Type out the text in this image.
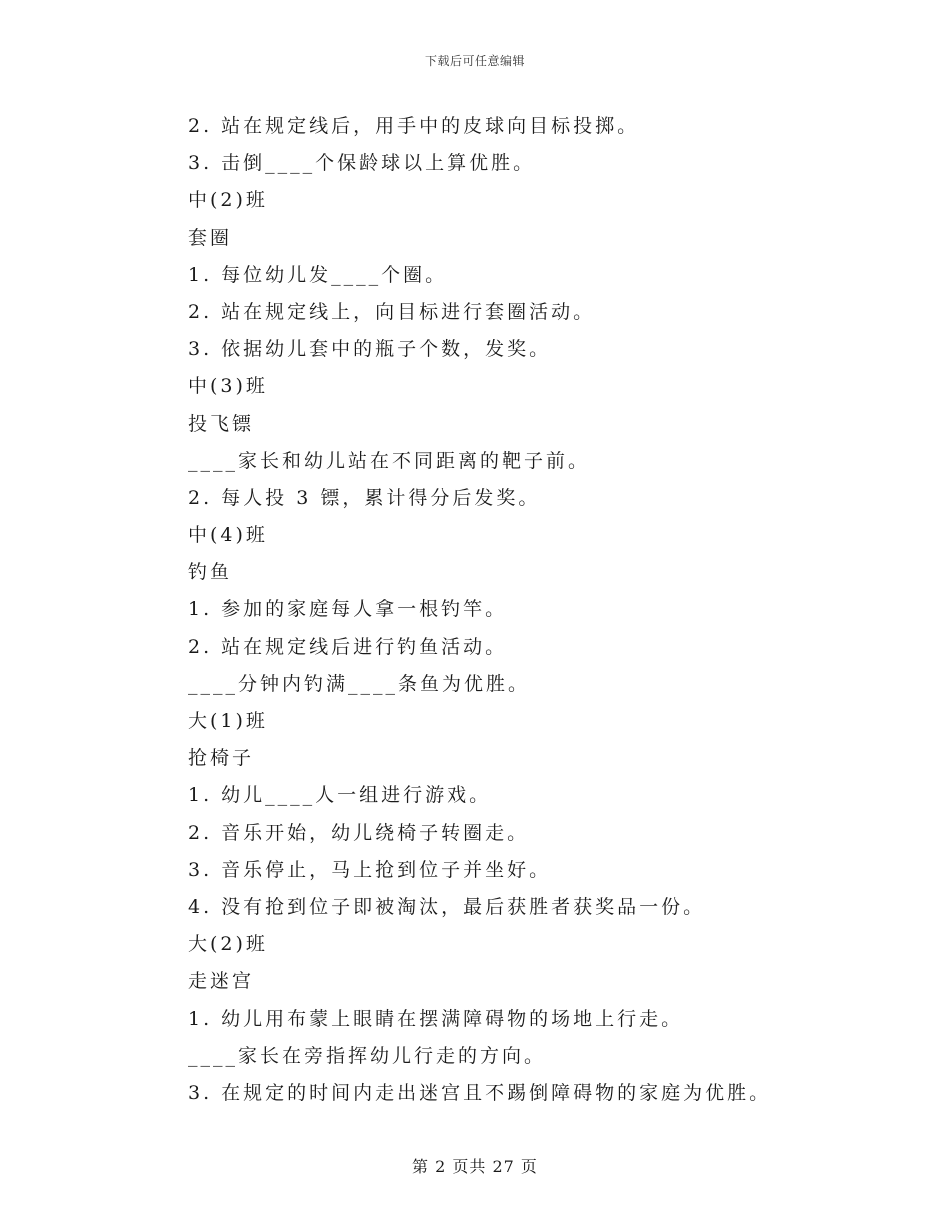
下载后可任意编辑
2. 站在规定线后，用手中的皮球向目标投掷。
3. 击倒____个保龄球以上算优胜。
中(2)班
套圈
1. 每位幼儿发____个圈。
2. 站在规定线上，向目标进行套圈活动。
3. 依据幼儿套中的瓶子个数，发奖。
中(3)班
投飞镖
____家长和幼儿站在不同距离的靶子前。
2. 每人投 3 镖，累计得分后发奖。
中(4)班
钓鱼
1. 参加的家庭每人拿一根钓竿。
2. 站在规定线后进行钓鱼活动。
____分钟内钓满____条鱼为优胜。
大(1)班
抢椅子
1. 幼儿____人一组进行游戏。
2. 音乐开始，幼儿绕椅子转圈走。
3. 音乐停止，马上抢到位子并坐好。
4. 没有抢到位子即被淘汰，最后获胜者获奖品一份。
大(2)班
走迷宫
1. 幼儿用布蒙上眼睛在摆满障碍物的场地上行走。
____家长在旁指挥幼儿行走的方向。
3. 在规定的时间内走出迷宫且不踢倒障碍物的家庭为优胜。
第 2 页共 27 页
